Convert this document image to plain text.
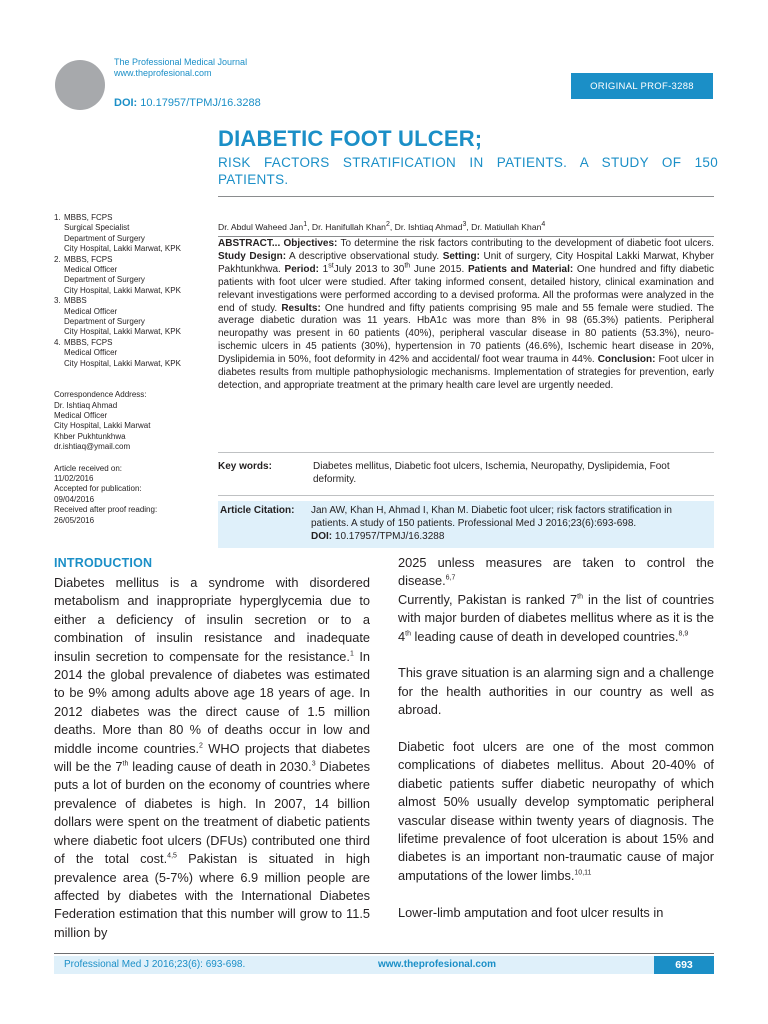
The Professional Medical Journal
www.theprofesional.com
DOI: 10.17957/TPMJ/16.3288
ORIGINAL PROF-3288
DIABETIC FOOT ULCER;
RISK FACTORS STRATIFICATION IN PATIENTS. A STUDY OF 150 PATIENTS.
1. MBBS, FCPS
Surgical Specialist
Department of Surgery
City Hospital, Lakki Marwat, KPK
2. MBBS, FCPS
Medical Officer
Department of Surgery
City Hospital, Lakki Marwat, KPK
3. MBBS
Medical Officer
Department of Surgery
City Hospital, Lakki Marwat, KPK
4. MBBS, FCPS
Medical Officer
City Hospital, Lakki Marwat, KPK
Correspondence Address:
Dr. Ishtiaq Ahmad
Medical Officer
City Hospital, Lakki Marwat
Khber Pukhtunkhwa
dr.ishtiaq@ymail.com
Article received on:
11/02/2016
Accepted for publication:
09/04/2016
Received after proof reading:
26/05/2016
Dr. Abdul Waheed Jan$^1$, Dr. Hanifullah Khan$^2$, Dr. Ishtiaq Ahmad$^3$, Dr. Matiullah Khan$^4$
ABSTRACT... Objectives: To determine the risk factors contributing to the development of diabetic foot ulcers. Study Design: A descriptive observational study. Setting: Unit of surgery, City Hospital Lakki Marwat, Khyber Pakhtunkhwa. Period: 1stJuly 2013 to 30th June 2015. Patients and Material: One hundred and fifty diabetic patients with foot ulcer were studied. After taking informed consent, detailed history, clinical examination and relevant investigations were performed according to a devised proforma. All the proformas were analyzed in the end of study. Results: One hundred and fifty patients comprising 95 male and 55 female were studied. The average diabetic duration was 11 years. HbA1c was more than 8% in 98 (65.3%) patients. Peripheral neuropathy was present in 60 patients (40%), peripheral vascular disease in 80 patients (53.3%), neuro-ischemic ulcers in 45 patients (30%), hypertension in 70 patients (46.6%), Ischemic heart disease in 20%, Dyslipidemia in 50%, foot deformity in 42% and accidental/ foot wear trauma in 44%. Conclusion: Foot ulcer in diabetes results from multiple pathophysiologic mechanisms. Implementation of strategies for prevention, early detection, and appropriate treatment at the primary health care level are urgently needed.
Key words:	Diabetes mellitus, Diabetic foot ulcers, Ischemia, Neuropathy, Dyslipidemia, Foot deformity.
Article Citation:	Jan AW, Khan H, Ahmad I, Khan M. Diabetic foot ulcer; risk factors stratification in patients. A study of 150 patients. Professional Med J 2016;23(6):693-698.
DOI: 10.17957/TPMJ/16.3288
INTRODUCTION

Diabetes mellitus is a syndrome with disordered metabolism and inappropriate hyperglycemia due to either a deficiency of insulin secretion or to a combination of insulin resistance and inadequate insulin secretion to compensate for the resistance.$^1$ In 2014 the global prevalence of diabetes was estimated to be 9% among adults above age 18 years of age. In 2012 diabetes was the direct cause of 1.5 million deaths. More than 80 % of deaths occur in low and middle income countries.$^2$ WHO projects that diabetes will be the 7th leading cause of death in 2030.$^3$ Diabetes puts a lot of burden on the economy of countries where prevalence of diabetes is high. In 2007, 14 billion dollars were spent on the treatment of diabetic patients where diabetic foot ulcers (DFUs) contributed one third of the total cost.$^{4,5}$ Pakistan is situated in high prevalence area (5-7%) where 6.9 million people are affected by diabetes with the International Diabetes Federation estimation that this number will grow to 11.5 million by

2025 unless measures are taken to control the disease.$^{6,7}$
Currently, Pakistan is ranked 7th in the list of countries with major burden of diabetes mellitus where as it is the 4th leading cause of death in developed countries.$^{8,9}$

This grave situation is an alarming sign and a challenge for the health authorities in our country as well as abroad.

Diabetic foot ulcers are one of the most common complications of diabetes mellitus. About 20-40% of diabetic patients suffer diabetic neuropathy of which almost 50% usually develop symptomatic peripheral vascular disease within twenty years of diagnosis. The lifetime prevalence of foot ulceration is about 15% and diabetes is an important non-traumatic cause of major amputations of the lower limbs.$^{10,11}$

Lower-limb amputation and foot ulcer results in

Professional Med J 2016;23(6): 693-698.	www.theprofesional.com	693
